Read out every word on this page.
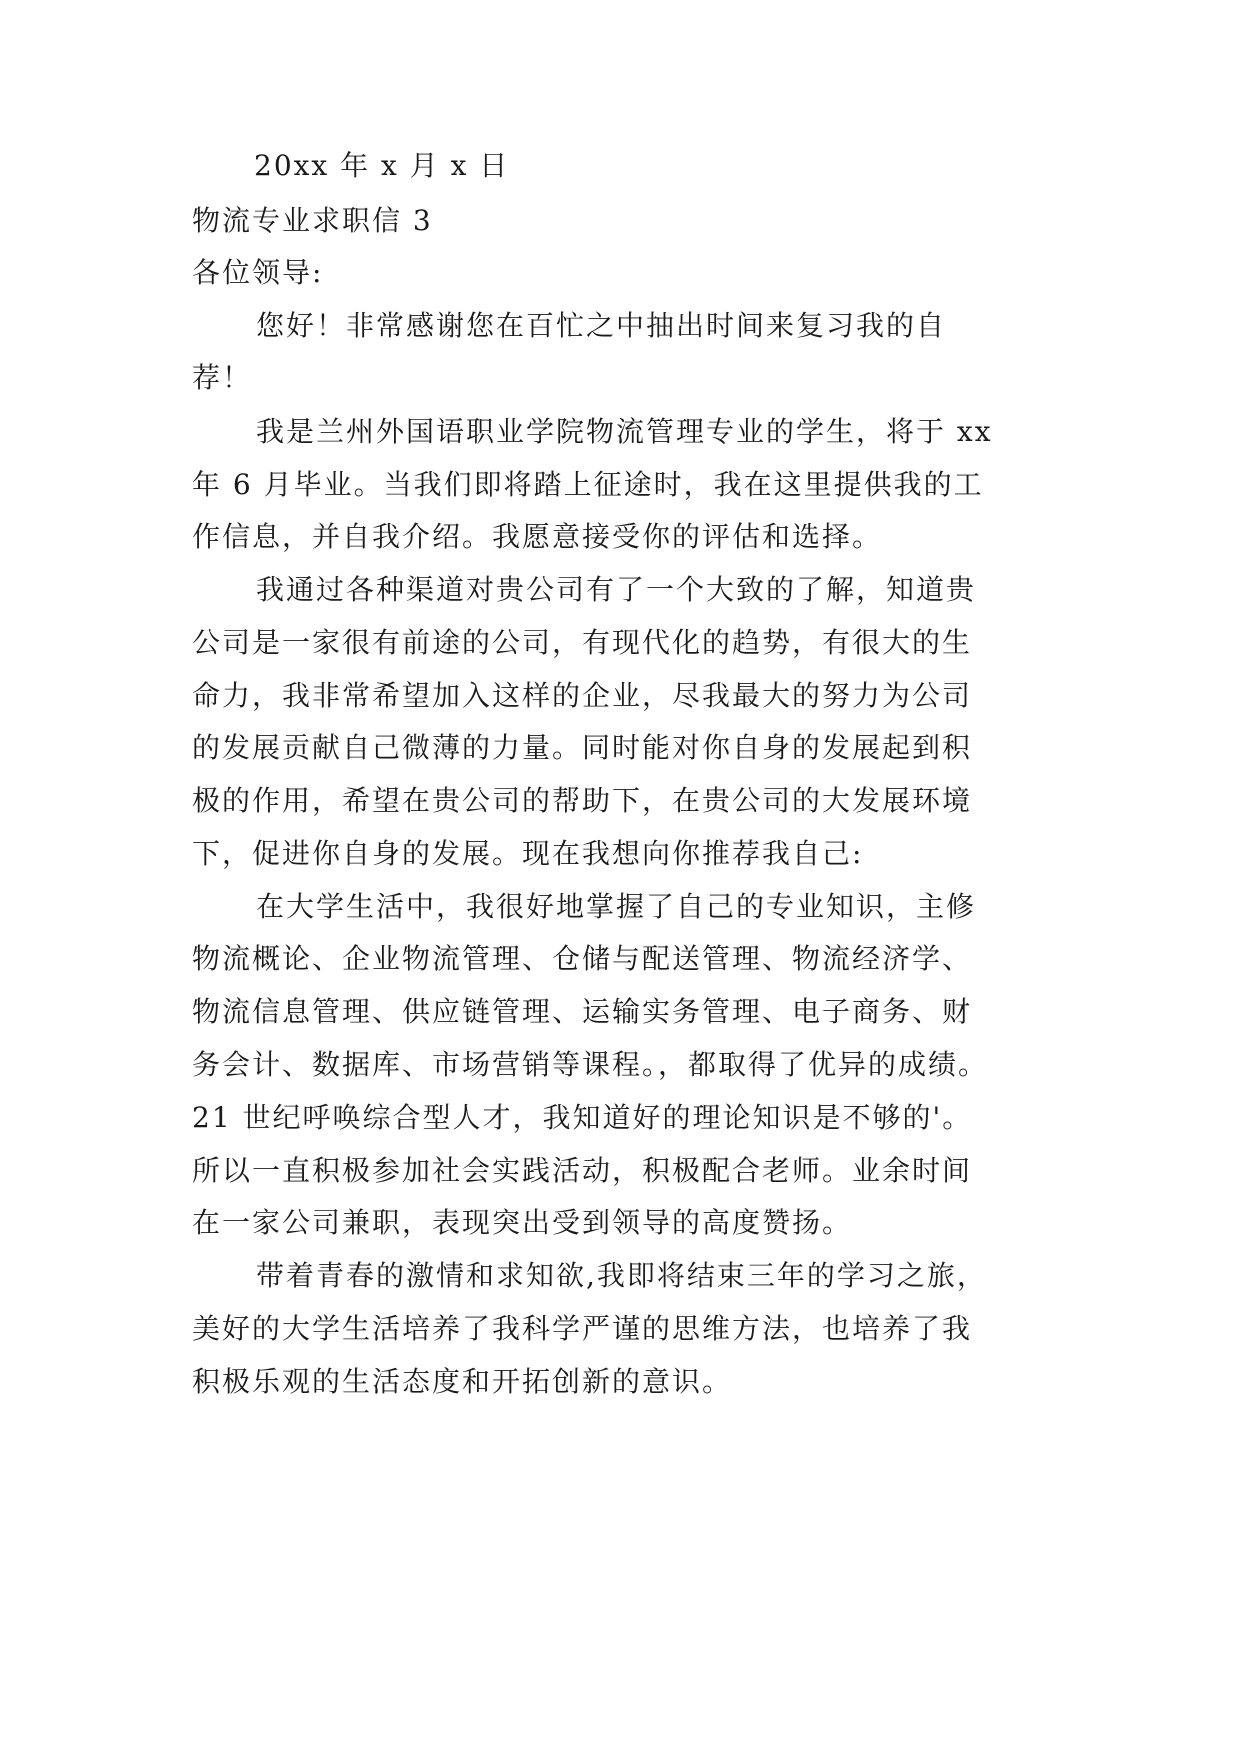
20xx 年 x 月 x 日
物流专业求职信 3
各位领导:
您好！非常感谢您在百忙之中抽出时间来复习我的自
荐！
我是兰州外国语职业学院物流管理专业的学生，将于 xx
年 6 月毕业。当我们即将踏上征途时，我在这里提供我的工
作信息，并自我介绍。我愿意接受你的评估和选择。
我通过各种渠道对贵公司有了一个大致的了解，知道贵
公司是一家很有前途的公司，有现代化的趋势，有很大的生
命力，我非常希望加入这样的企业，尽我最大的努力为公司
的发展贡献自己微薄的力量。同时能对你自身的发展起到积
极的作用，希望在贵公司的帮助下，在贵公司的大发展环境
下，促进你自身的发展。现在我想向你推荐我自己:
在大学生活中，我很好地掌握了自己的专业知识，主修
物流概论、企业物流管理、仓储与配送管理、物流经济学、
物流信息管理、供应链管理、运输实务管理、电子商务、财
务会计、数据库、市场营销等课程。，都取得了优异的成绩。
21 世纪呼唤综合型人才，我知道好的理论知识是不够的'。
所以一直积极参加社会实践活动，积极配合老师。业余时间
在一家公司兼职，表现突出受到领导的高度赞扬。
带着青春的激情和求知欲,我即将结束三年的学习之旅，
美好的大学生活培养了我科学严谨的思维方法，也培养了我
积极乐观的生活态度和开拓创新的意识。
